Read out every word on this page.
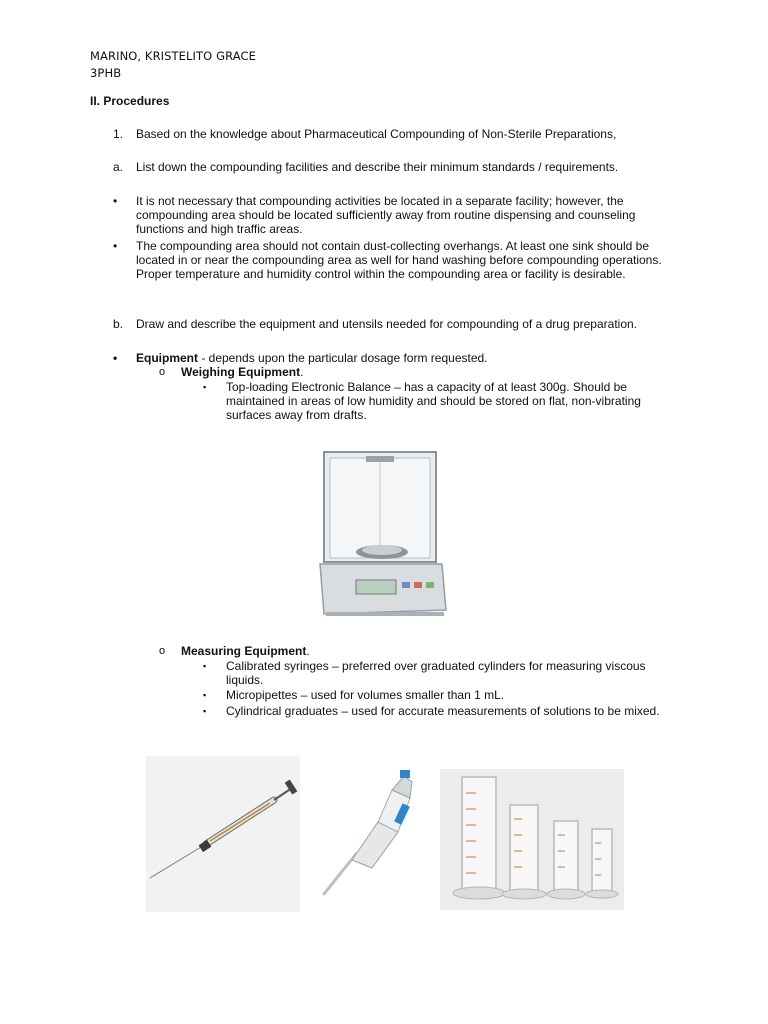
MARINO, KRISTELITO GRACE
3PHB
II. Procedures
1. Based on the knowledge about Pharmaceutical Compounding of Non-Sterile Preparations,
a. List down the compounding facilities and describe their minimum standards / requirements.
• It is not necessary that compounding activities be located in a separate facility; however, the compounding area should be located sufficiently away from routine dispensing and counseling functions and high traffic areas.
• The compounding area should not contain dust-collecting overhangs. At least one sink should be located in or near the compounding area as well for hand washing before compounding operations. Proper temperature and humidity control within the compounding area or facility is desirable.
b. Draw and describe the equipment and utensils needed for compounding of a drug preparation.
• Equipment - depends upon the particular dosage form requested.
o Weighing Equipment.
▪ Top-loading Electronic Balance – has a capacity of at least 300g. Should be maintained in areas of low humidity and should be stored on flat, non-vibrating surfaces away from drafts.
o Measuring Equipment.
▪ Calibrated syringes – preferred over graduated cylinders for measuring viscous liquids.
▪ Micropipettes – used for volumes smaller than 1 mL.
▪ Cylindrical graduates – used for accurate measurements of solutions to be mixed.
